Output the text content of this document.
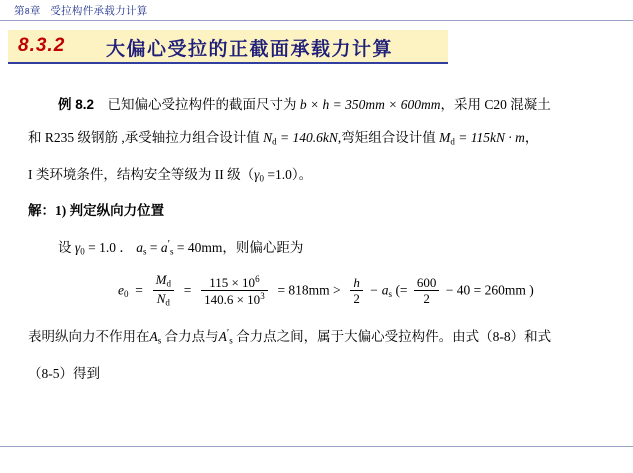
第8章 受拉构件承载力计算
8.3.2 大偏心受拉的正截面承载力计算
例 8.2 已知偏心受拉构件的截面尺寸为 b × h = 350mm × 600mm，采用 C20 混凝土
和 R235 级钢筋 ,承受轴拉力组合设计值 $N_d = 140.6kN$,弯矩组合设计值 $M_d = 115kN \cdot m$，
I 类环境条件，结构安全等级为 II 级$(\gamma_0 =1.0)$。
解：1) 判定纵向力位置
设 $\gamma_0 = 1.0$ ． $a_s = a'_s = 40mm$，则偏心距为
$e_0 = \frac{M_d}{N_d} = \frac{115 \times 10^6}{140.6 \times 10^3} = 818mm > \frac{h}{2} - a_s$ (= $\frac{600}{2} - 40 = 260mm$ )
表明纵向力不作用在$A_s$ 合力点与$A'_s$ 合力点之间，属于大偏心受拉构件。由式（8-8）和式
（8-5）得到
